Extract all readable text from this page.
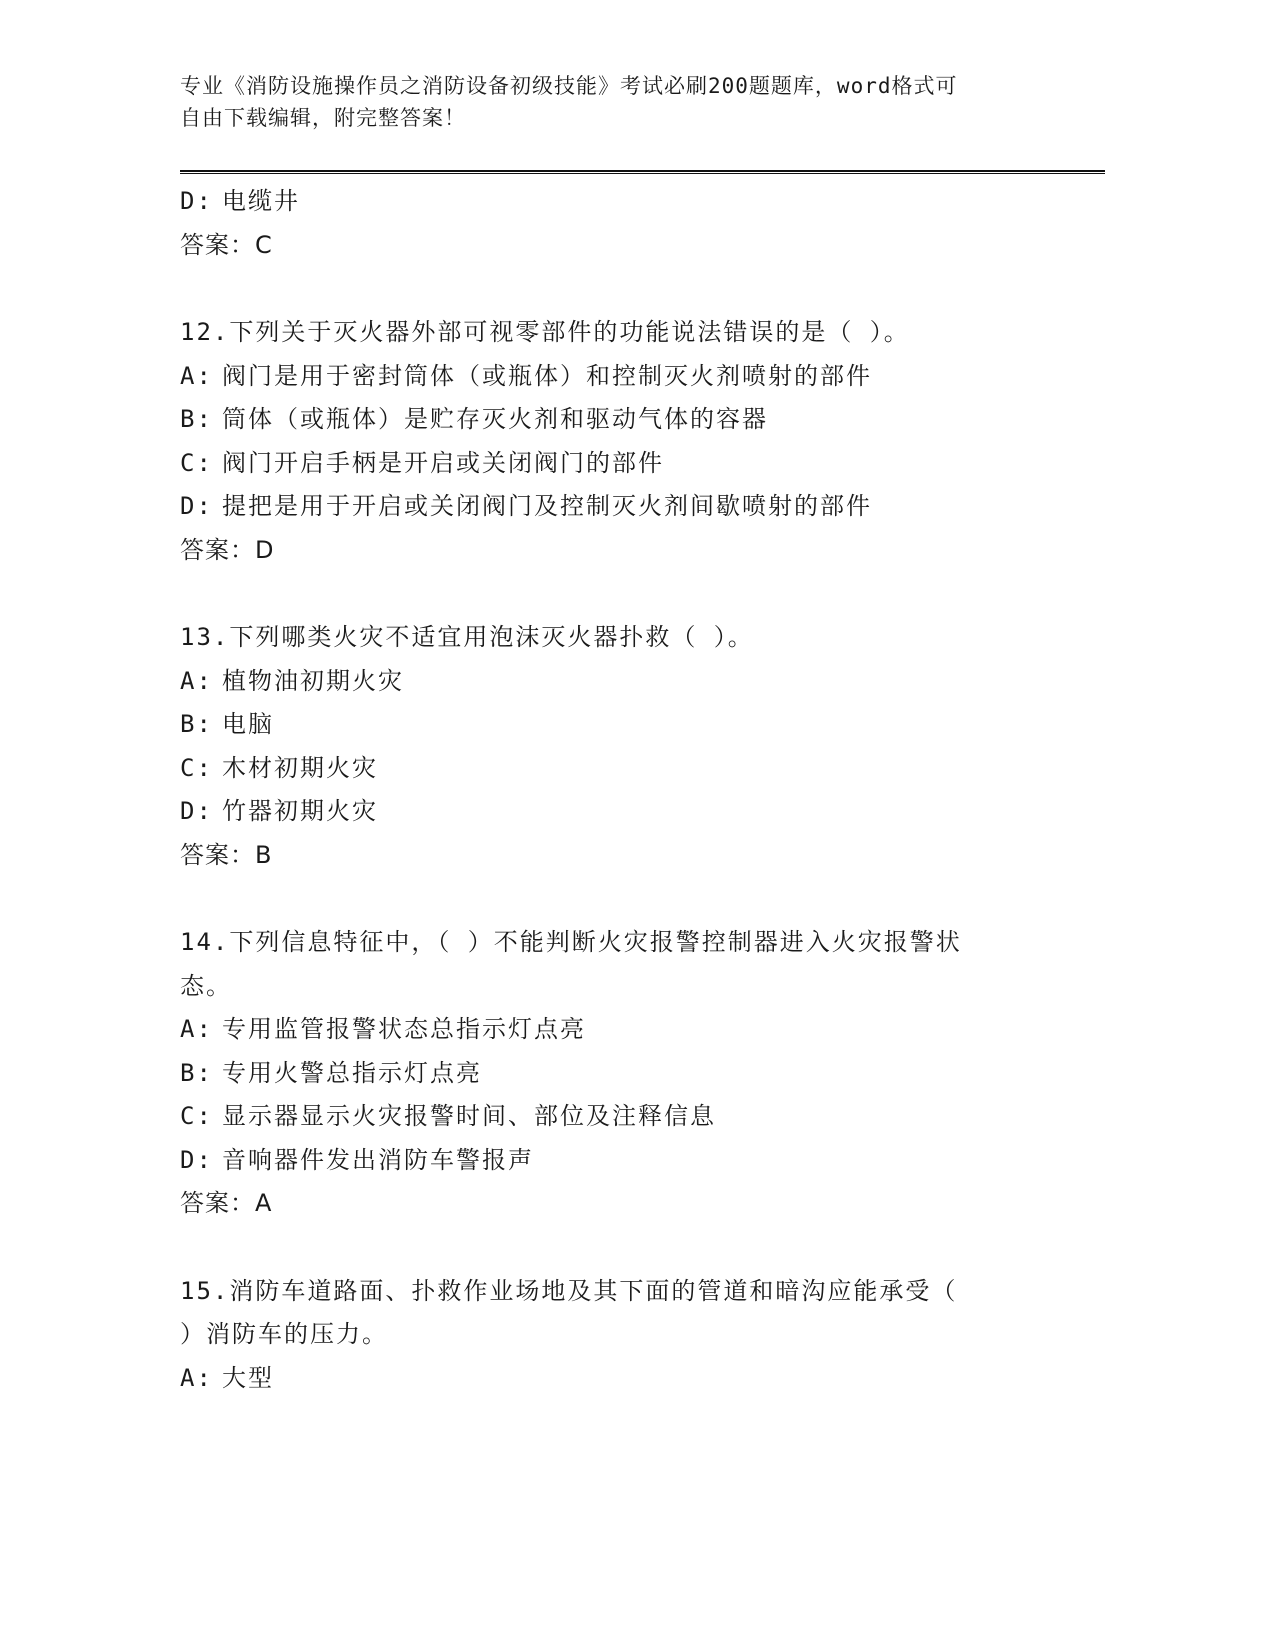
专业《消防设施操作员之消防设备初级技能》考试必刷200题题库，word格式可
自由下载编辑，附完整答案！
D: 电缆井
答案：C
12.下列关于灭火器外部可视零部件的功能说法错误的是（ ）。
A: 阀门是用于密封筒体（或瓶体）和控制灭火剂喷射的部件
B: 筒体（或瓶体）是贮存灭火剂和驱动气体的容器
C: 阀门开启手柄是开启或关闭阀门的部件
D: 提把是用于开启或关闭阀门及控制灭火剂间歇喷射的部件
答案：D
13.下列哪类火灾不适宜用泡沫灭火器扑救（ ）。
A: 植物油初期火灾
B: 电脑
C: 木材初期火灾
D: 竹器初期火灾
答案：B
14.下列信息特征中，（ ）不能判断火灾报警控制器进入火灾报警状
态。
A: 专用监管报警状态总指示灯点亮
B: 专用火警总指示灯点亮
C: 显示器显示火灾报警时间、部位及注释信息
D: 音响器件发出消防车警报声
答案：A
15.消防车道路面、扑救作业场地及其下面的管道和暗沟应能承受（
）消防车的压力。
A: 大型
